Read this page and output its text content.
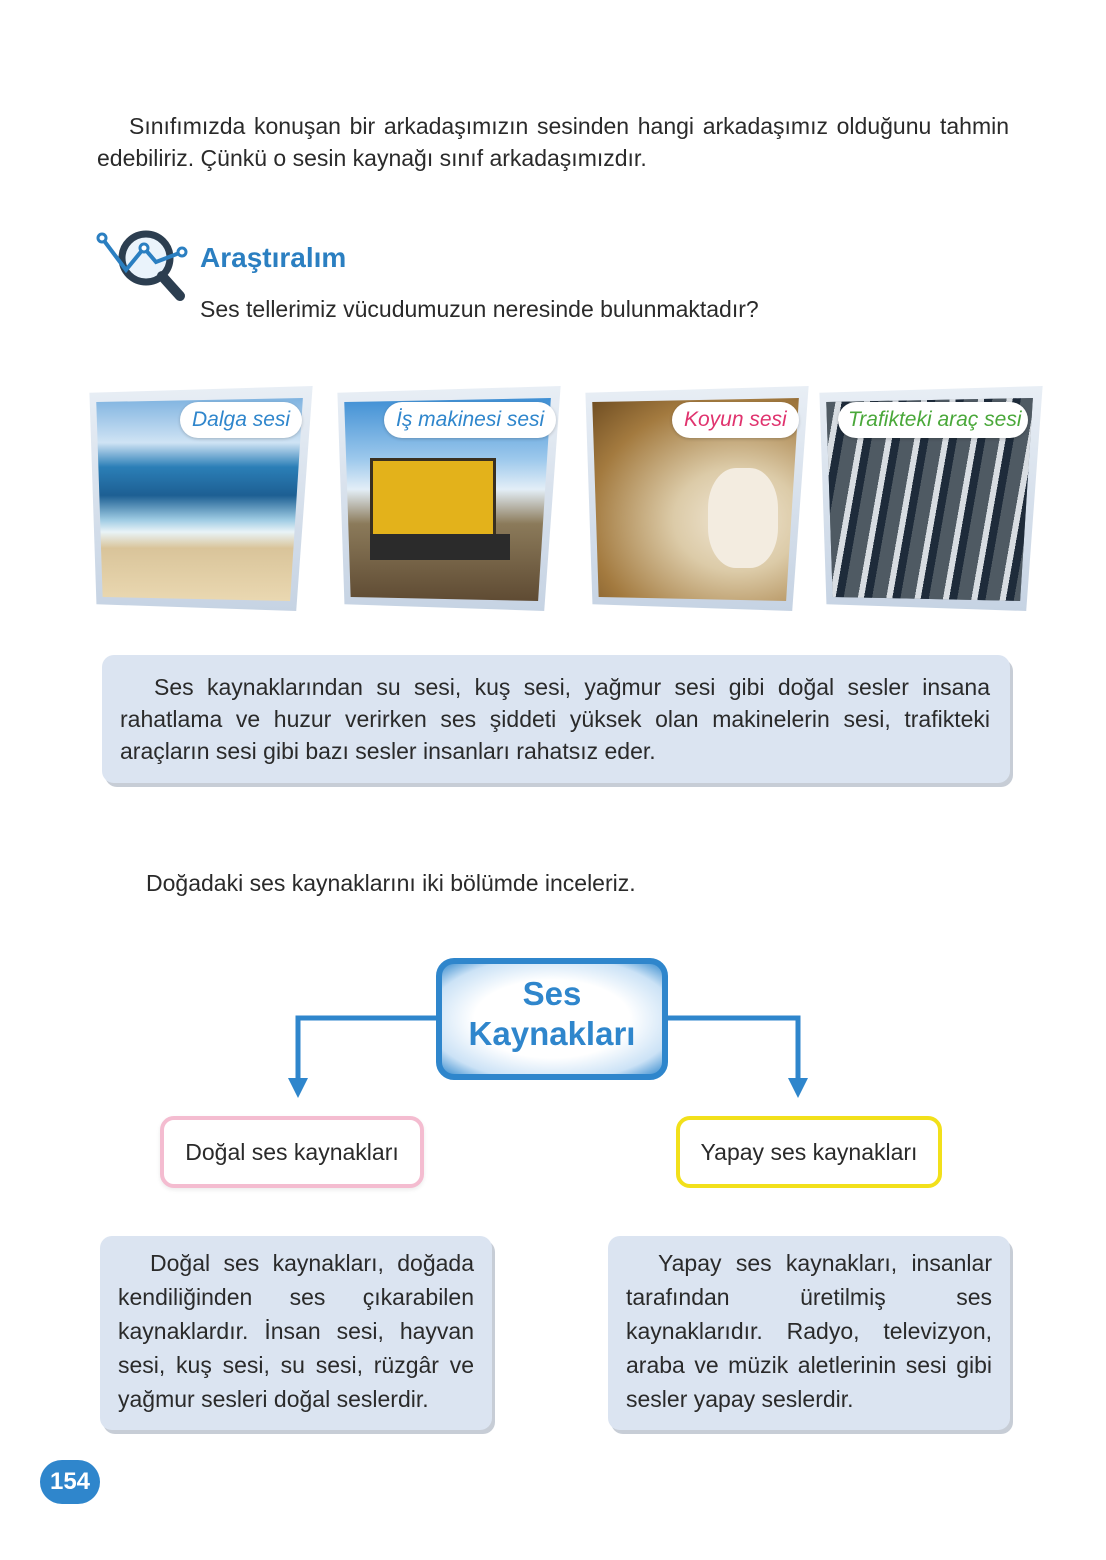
Sınıfımızda konuşan bir arkadaşımızın sesinden hangi arkadaşımız olduğunu tahmin edebiliriz. Çünkü o sesin kaynağı sınıf arkadaşımızdır.

Araştıralım
Ses tellerimiz vücudumuzun neresinde bulunmaktadır?
Dalga sesi	İş makinesi sesi	Koyun sesi	Trafikteki araç sesi

Ses kaynaklarından su sesi, kuş sesi, yağmur sesi gibi doğal sesler insana rahatlama ve huzur verirken ses şiddeti yüksek olan makinelerin sesi, trafikteki araçların sesi gibi bazı sesler insanları rahatsız eder.

Doğadaki ses kaynaklarını iki bölümde inceleriz.
Ses
Kaynakları
Doğal ses kaynakları	Yapay ses kaynakları

Doğal ses kaynakları, doğada kendiliğinden ses çıkarabilen kaynaklardır. İnsan sesi, hayvan sesi, kuş sesi, su sesi, rüzgâr ve yağmur sesleri doğal seslerdir.

Yapay ses kaynakları, insanlar tarafından üretilmiş ses kaynaklarıdır. Radyo, televizyon, araba ve müzik aletlerinin sesi gibi sesler yapay seslerdir.

154
